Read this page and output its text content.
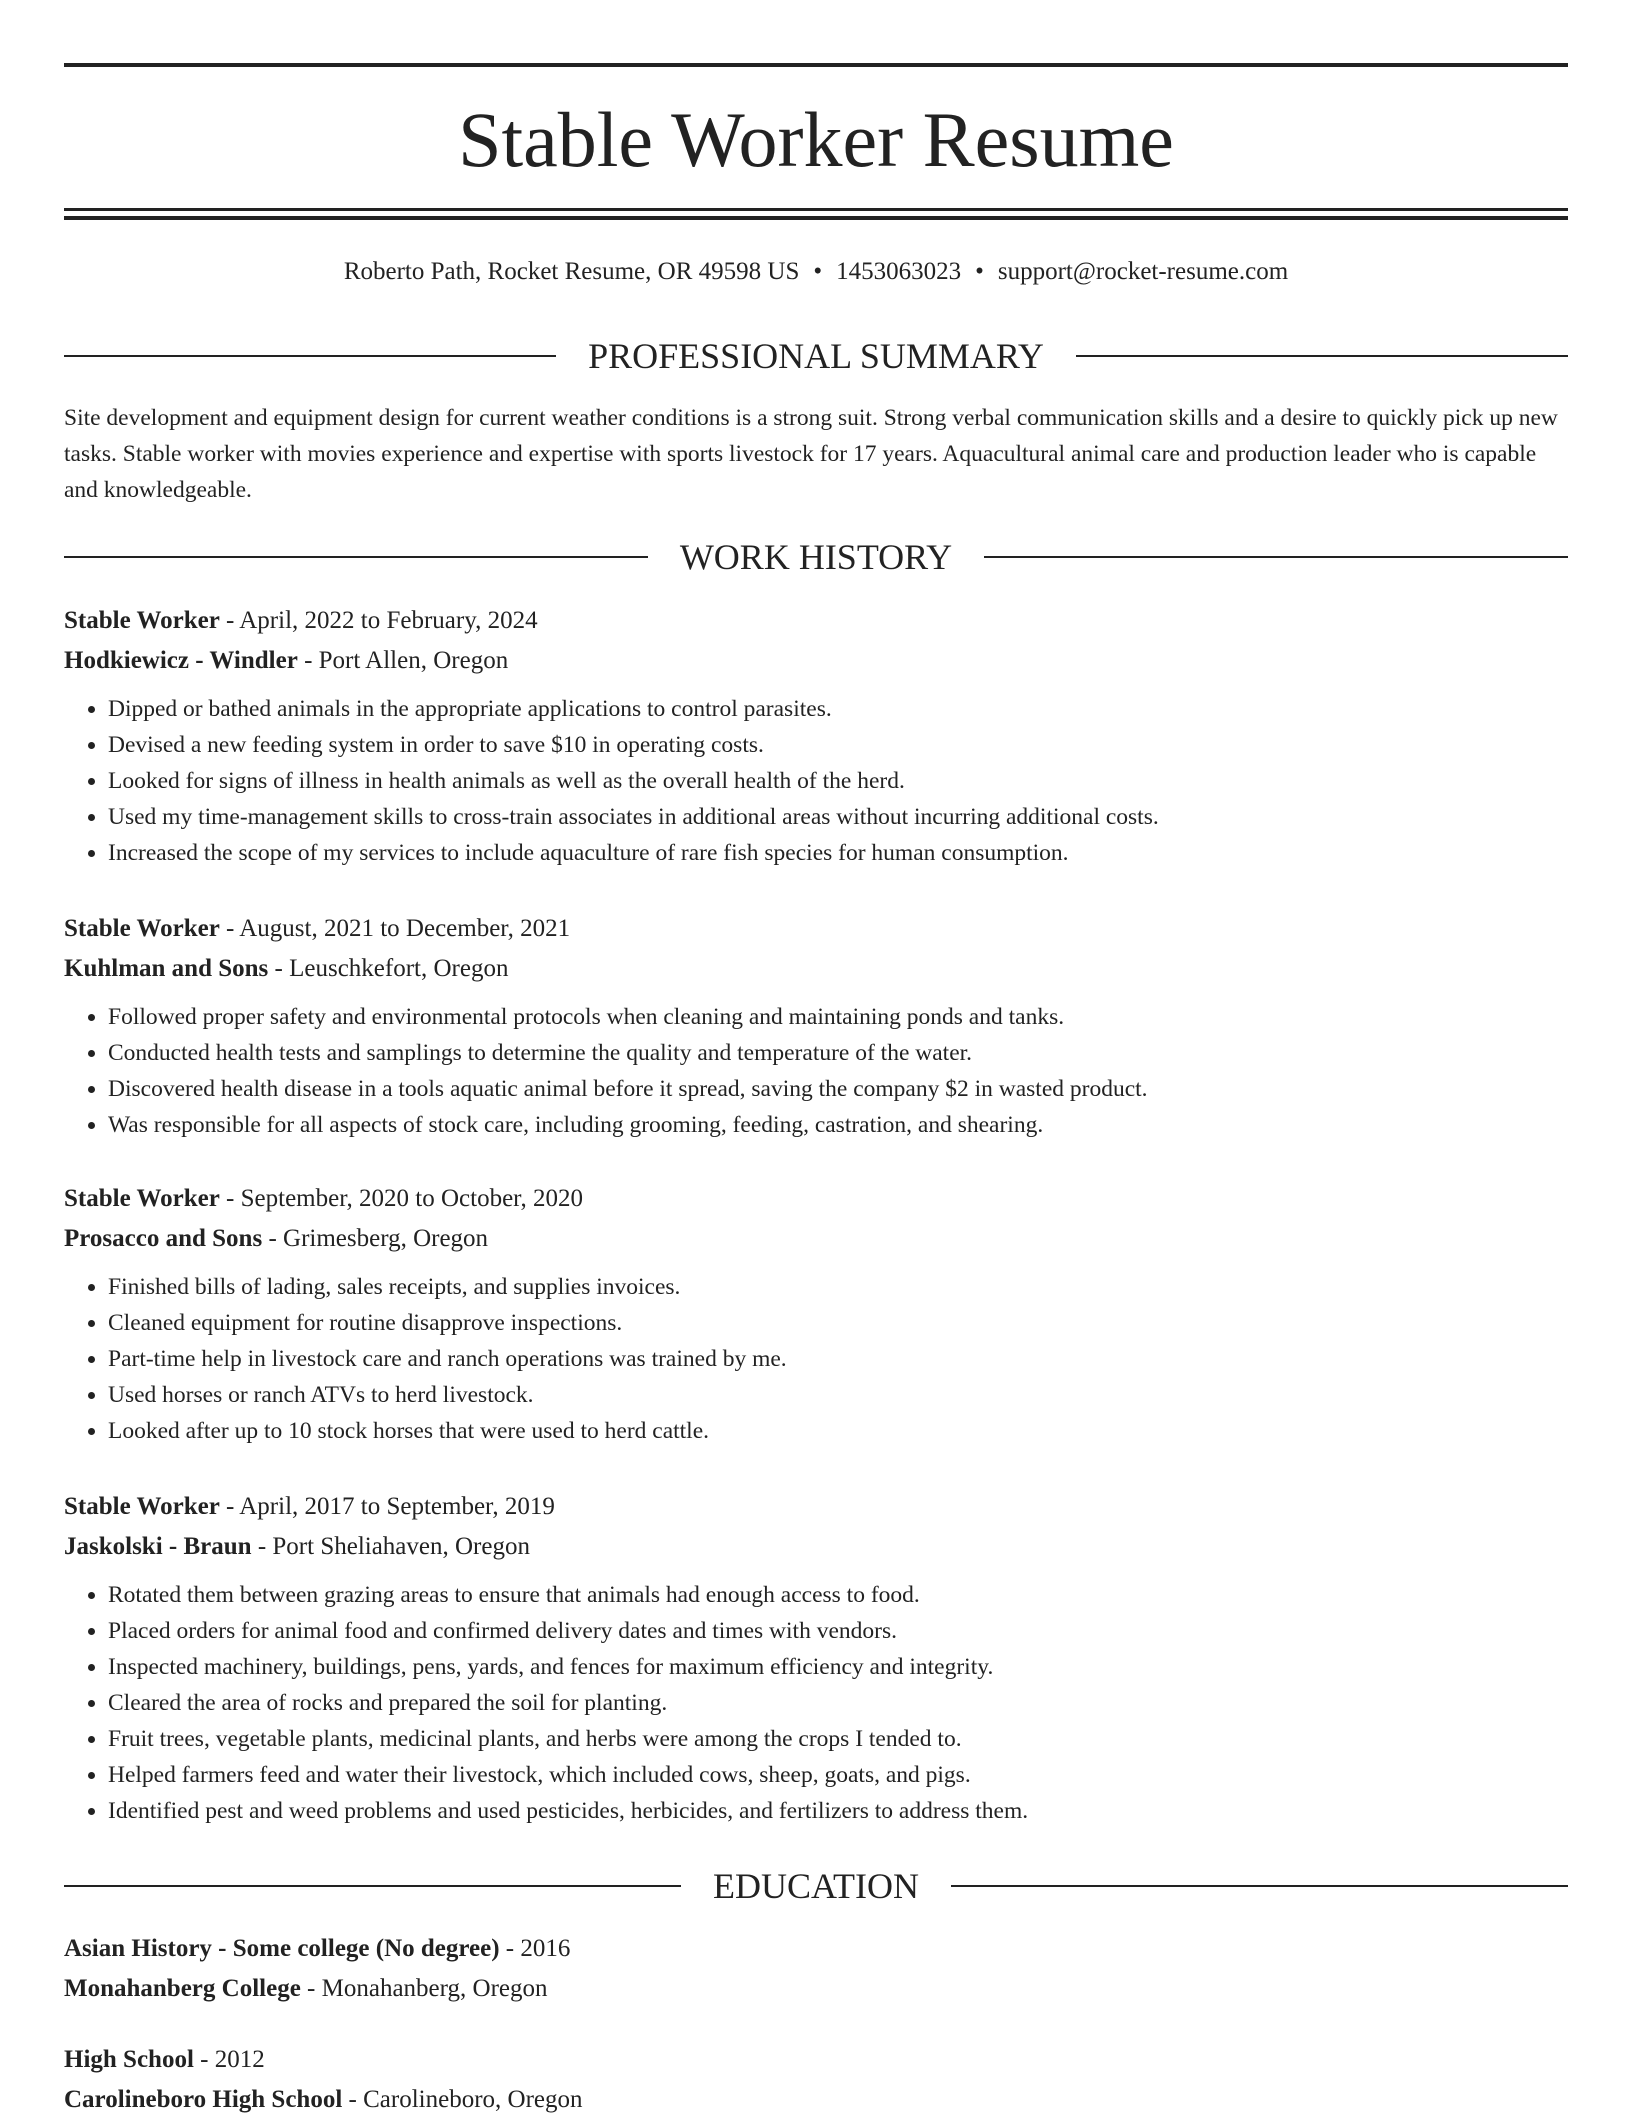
Stable Worker Resume
Roberto Path, Rocket Resume, OR 49598 US • 1453063023 • support@rocket-resume.com
PROFESSIONAL SUMMARY

Site development and equipment design for current weather conditions is a strong suit. Strong verbal communication skills and a desire to quickly pick up new tasks. Stable worker with movies experience and expertise with sports livestock for 17 years. Aquacultural animal care and production leader who is capable and knowledgeable.

WORK HISTORY
Stable Worker - April, 2022 to February, 2024
Hodkiewicz - Windler - Port Allen, Oregon
• Dipped or bathed animals in the appropriate applications to control parasites.
• Devised a new feeding system in order to save $10 in operating costs.
• Looked for signs of illness in health animals as well as the overall health of the herd.
• Used my time-management skills to cross-train associates in additional areas without incurring additional costs.
• Increased the scope of my services to include aquaculture of rare fish species for human consumption.
Stable Worker - August, 2021 to December, 2021
Kuhlman and Sons - Leuschkefort, Oregon
• Followed proper safety and environmental protocols when cleaning and maintaining ponds and tanks.
• Conducted health tests and samplings to determine the quality and temperature of the water.
• Discovered health disease in a tools aquatic animal before it spread, saving the company $2 in wasted product.
• Was responsible for all aspects of stock care, including grooming, feeding, castration, and shearing.
Stable Worker - September, 2020 to October, 2020
Prosacco and Sons - Grimesberg, Oregon
• Finished bills of lading, sales receipts, and supplies invoices.
• Cleaned equipment for routine disapprove inspections.
• Part-time help in livestock care and ranch operations was trained by me.
• Used horses or ranch ATVs to herd livestock.
• Looked after up to 10 stock horses that were used to herd cattle.
Stable Worker - April, 2017 to September, 2019
Jaskolski - Braun - Port Sheliahaven, Oregon
• Rotated them between grazing areas to ensure that animals had enough access to food.
• Placed orders for animal food and confirmed delivery dates and times with vendors.
• Inspected machinery, buildings, pens, yards, and fences for maximum efficiency and integrity.
• Cleared the area of rocks and prepared the soil for planting.
• Fruit trees, vegetable plants, medicinal plants, and herbs were among the crops I tended to.
• Helped farmers feed and water their livestock, which included cows, sheep, goats, and pigs.
• Identified pest and weed problems and used pesticides, herbicides, and fertilizers to address them.
EDUCATION
Asian History - Some college (No degree) - 2016
Monahanberg College - Monahanberg, Oregon
High School - 2012
Carolineboro High School - Carolineboro, Oregon
